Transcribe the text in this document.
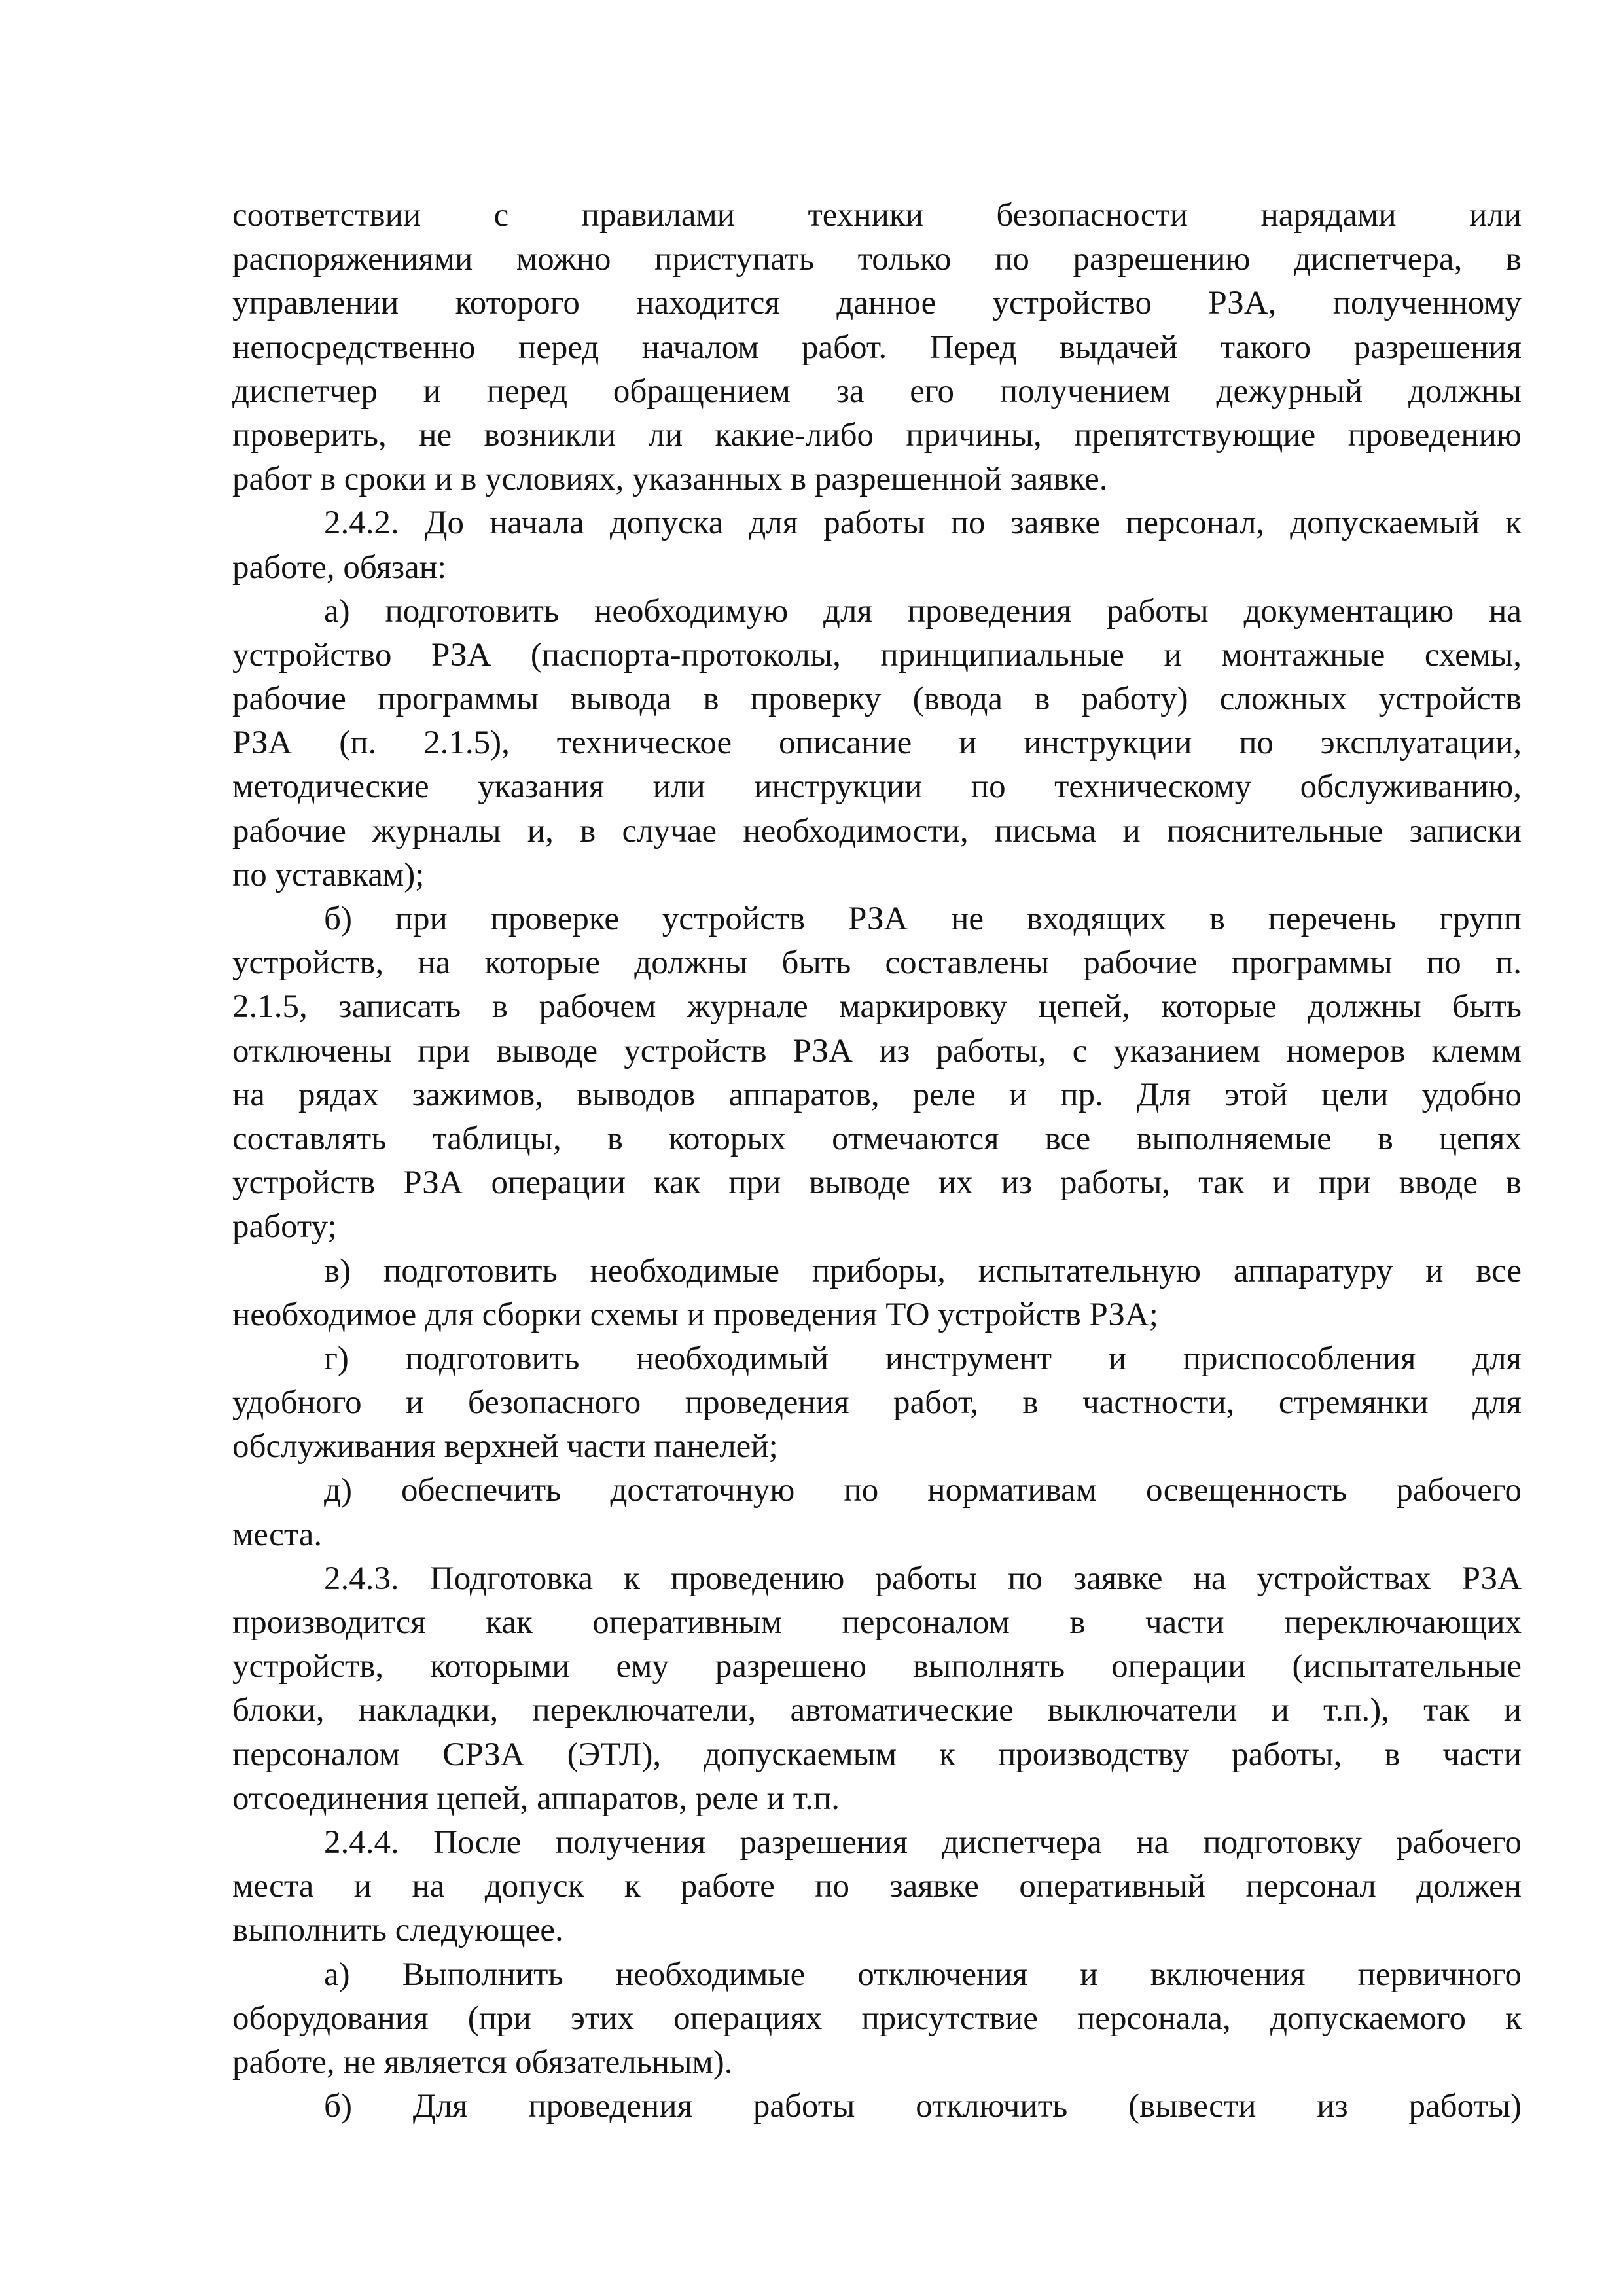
соответствии с правилами техники безопасности нарядами или
распоряжениями можно приступать только по разрешению диспетчера, в
управлении которого находится данное устройство РЗА, полученному
непосредственно перед началом работ. Перед выдачей такого разрешения
диспетчер и перед обращением за его получением дежурный должны
проверить, не возникли ли какие-либо причины, препятствующие проведению
работ в сроки и в условиях, указанных в разрешенной заявке.
2.4.2. До начала допуска для работы по заявке персонал, допускаемый к
работе, обязан:
а) подготовить необходимую для проведения работы документацию на
устройство РЗА (паспорта-протоколы, принципиальные и монтажные схемы,
рабочие программы вывода в проверку (ввода в работу) сложных устройств
РЗА (п. 2.1.5), техническое описание и инструкции по эксплуатации,
методические указания или инструкции по техническому обслуживанию,
рабочие журналы и, в случае необходимости, письма и пояснительные записки
по уставкам);
б) при проверке устройств РЗА не входящих в перечень групп
устройств, на которые должны быть составлены рабочие программы по п.
2.1.5, записать в рабочем журнале маркировку цепей, которые должны быть
отключены при выводе устройств РЗА из работы, с указанием номеров клемм
на рядах зажимов, выводов аппаратов, реле и пр. Для этой цели удобно
составлять таблицы, в которых отмечаются все выполняемые в цепях
устройств РЗА операции как при выводе их из работы, так и при вводе в
работу;
в) подготовить необходимые приборы, испытательную аппаратуру и все
необходимое для сборки схемы и проведения ТО устройств РЗА;
г) подготовить необходимый инструмент и приспособления для
удобного и безопасного проведения работ, в частности, стремянки для
обслуживания верхней части панелей;
д) обеспечить достаточную по нормативам освещенность рабочего
места.
2.4.3. Подготовка к проведению работы по заявке на устройствах РЗА
производится как оперативным персоналом в части переключающих
устройств, которыми ему разрешено выполнять операции (испытательные
блоки, накладки, переключатели, автоматические выключатели и т.п.), так и
персоналом СРЗА (ЭТЛ), допускаемым к производству работы, в части
отсоединения цепей, аппаратов, реле и т.п.
2.4.4. После получения разрешения диспетчера на подготовку рабочего
места и на допуск к работе по заявке оперативный персонал должен
выполнить следующее.
а) Выполнить необходимые отключения и включения первичного
оборудования (при этих операциях присутствие персонала, допускаемого к
работе, не является обязательным).
б) Для проведения работы отключить (вывести из работы)
